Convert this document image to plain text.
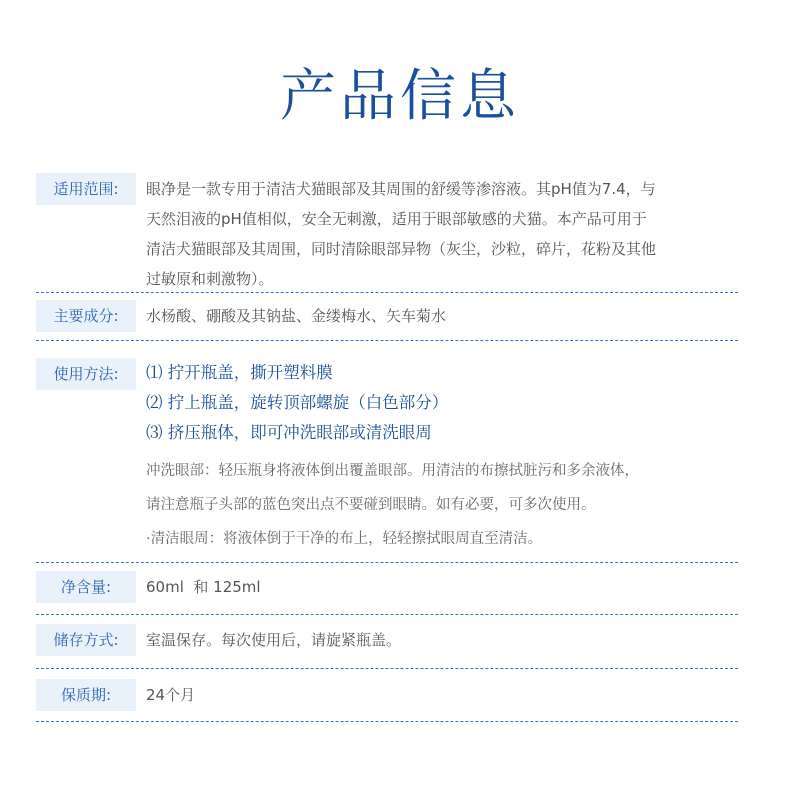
产品信息
适用范围:	眼净是一款专用于清洁犬猫眼部及其周围的舒缓等渗溶液。其pH值为7.4，与

天然泪液的pH值相似，安全无刺激，适用于眼部敏感的犬猫。本产品可用于

清洁犬猫眼部及其周围，同时清除眼部异物（灰尘，沙粒，碎片，花粉及其他

过敏原和刺激物）。

主要成分:	水杨酸、硼酸及其钠盐、金缕梅水、矢车菊水

使用方法:	⑴ 拧开瓶盖，撕开塑料膜

⑵ 拧上瓶盖，旋转顶部螺旋（白色部分）

⑶ 挤压瓶体，即可冲洗眼部或清洗眼周

冲洗眼部：轻压瓶身将液体倒出覆盖眼部。用清洁的布擦拭脏污和多余液体，

请注意瓶子头部的蓝色突出点不要碰到眼睛。如有必要，可多次使用。

·清洁眼周：将液体倒于干净的布上，轻轻擦拭眼周直至清洁。

净含量:	60ml  和 125ml

储存方式:	室温保存。每次使用后，请旋紧瓶盖。

保质期:	24个月
